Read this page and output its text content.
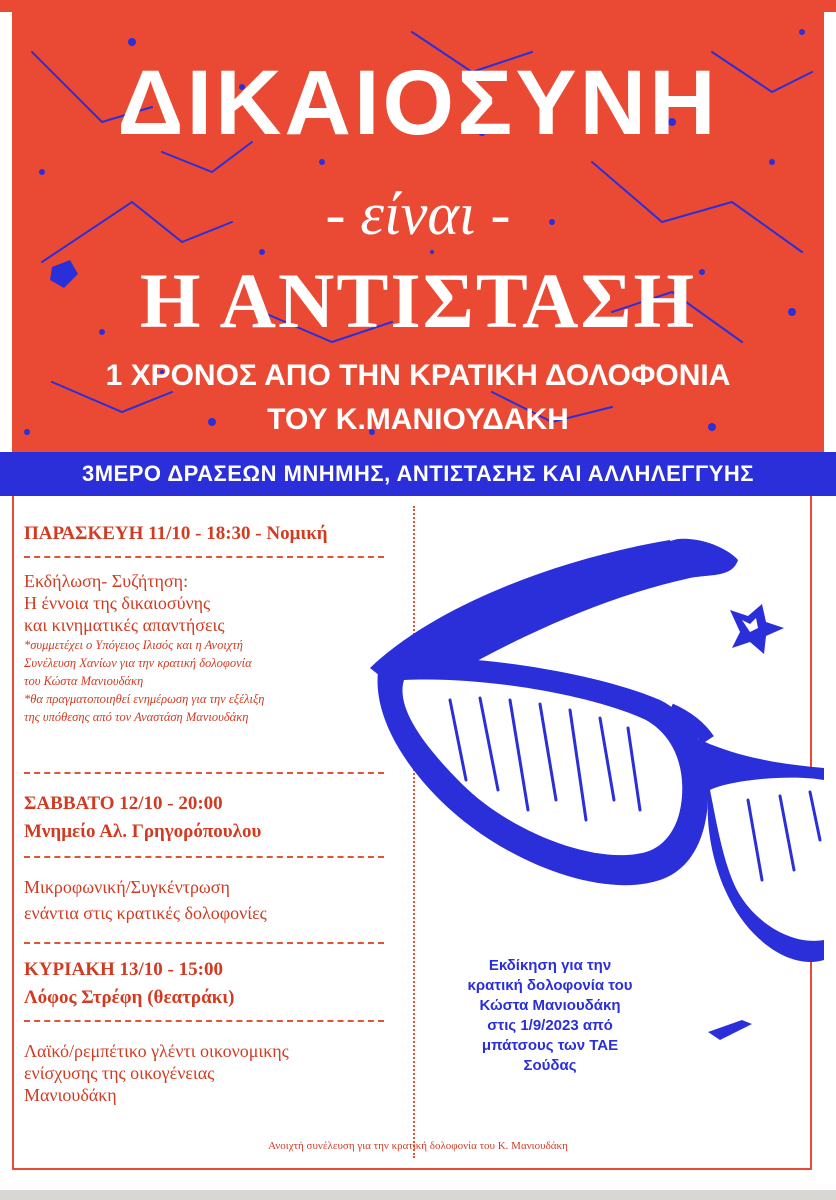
ΔΙΚΑΙΟΣΥΝΗ
- είναι -
Η ΑΝΤΙΣΤΑΣΗ
1 ΧΡΟΝΟΣ ΑΠΟ ΤΗΝ ΚΡΑΤΙΚΗ ΔΟΛΟΦΟΝΙΑ
ΤΟΥ Κ.ΜΑΝΙΟΥΔΑΚΗ
3ΜΕΡΟ ΔΡΑΣΕΩΝ ΜΝΗΜΗΣ, ΑΝΤΙΣΤΑΣΗΣ ΚΑΙ ΑΛΛΗΛΕΓΓΥΗΣ
ΠΑΡΑΣΚΕΥΗ 11/10 - 18:30 - Νομική
Εκδήλωση- Συζήτηση:
Η έννοια της δικαιοσύνης
και κινηματικές απαντήσεις
*συμμετέχει ο Υπόγειος Ιλισός και η Ανοιχτή
Συνέλευση Χανίων για την κρατική δολοφονία
του Κώστα Μανιουδάκη
*θα πραγματοποιηθεί ενημέρωση για την εξέλιξη
της υπόθεσης από τον Αναστάση Μανιουδάκη
ΣΑΒΒΑΤΟ 12/10 - 20:00
Μνημείο Αλ. Γρηγορόπουλου
Μικροφωνική/Συγκέντρωση
ενάντια στις κρατικές δολοφονίες
ΚΥΡΙΑΚΗ 13/10 - 15:00
Λόφος Στρέφη (θεατράκι)
Λαϊκό/ρεμπέτικο γλέντι οικονομικης
ενίσχυσης της οικογένειας
Μανιουδάκη
Εκδίκηση για την
κρατική δολοφονία του
Κώστα Μανιουδάκη
στις 1/9/2023 από
μπάτσους των ΤΑΕ
Σούδας
Ανοιχτή συνέλευση για την κρατική δολοφονία του Κ. Μανιουδάκη
